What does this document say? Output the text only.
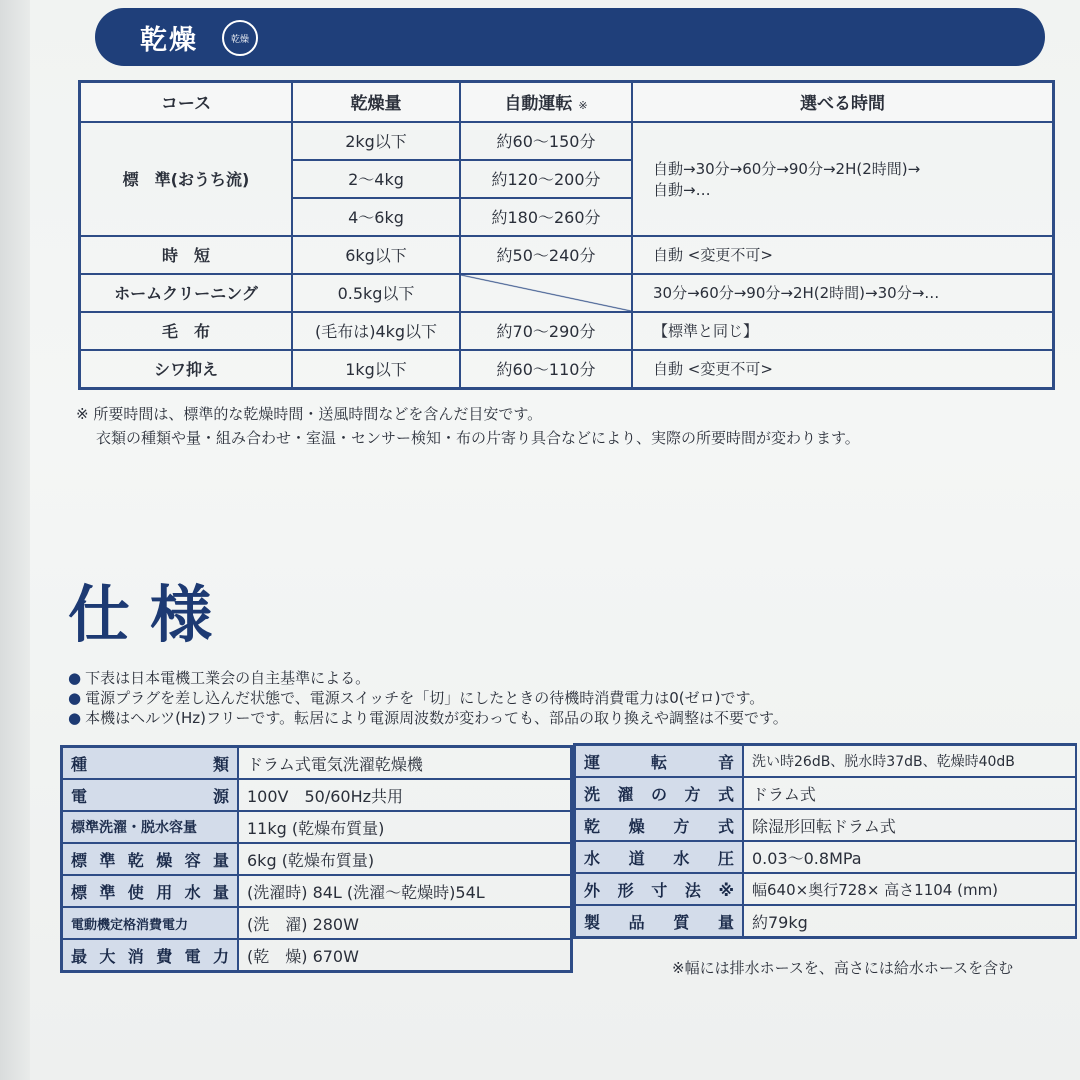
乾燥	乾燥
コース	乾燥量	自動運転 ※	選べる時間
標　準(おうち流)	2kg以下	約60～150分	自動→30分→60分→90分→2H(2時間)→
自動→…

	2～4kg	約120～200分	
	4～6kg	約180～260分	
時　短	6kg以下	約50～240分	自動 <変更不可>
ホームクリーニング	0.5kg以下		30分→60分→90分→2H(2時間)→30分→…
毛　布	(毛布は)4kg以下	約70～290分	【標準と同じ】
シワ抑え	1kg以下	約60～110分	自動 <変更不可>
※ 所要時間は、標準的な乾燥時間・送風時間などを含んだ目安です。
衣類の種類や量・組み合わせ・室温・センサー検知・布の片寄り具合などにより、実際の所要時間が変わります。
仕様
● 下表は日本電機工業会の自主基準による。
● 電源プラグを差し込んだ状態で、電源スイッチを「切」にしたときの待機時消費電力は0(ゼロ)です。
● 本機はヘルツ(Hz)フリーです。転居により電源周波数が変わっても、部品の取り換えや調整は不要です。
種類	ドラム式電気洗濯乾燥機
電源	100V　50/60Hz共用
標準洗濯・脱水容量	11kg (乾燥布質量)
標準乾燥容量	6kg (乾燥布質量)
標準使用水量	(洗濯時) 84L (洗濯～乾燥時)54L
電動機定格消費電力	(洗　濯) 280W
最大消費電力	(乾　燥) 670W
運転音	洗い時26dB、脱水時37dB、乾燥時40dB
洗濯の方式	ドラム式
乾燥方式	除湿形回転ドラム式
水道水圧	0.03～0.8MPa
外形寸法※	幅640×奥行728× 高さ1104 (mm)
製品質量	約79kg
※幅には排水ホースを、高さには給水ホースを含む
